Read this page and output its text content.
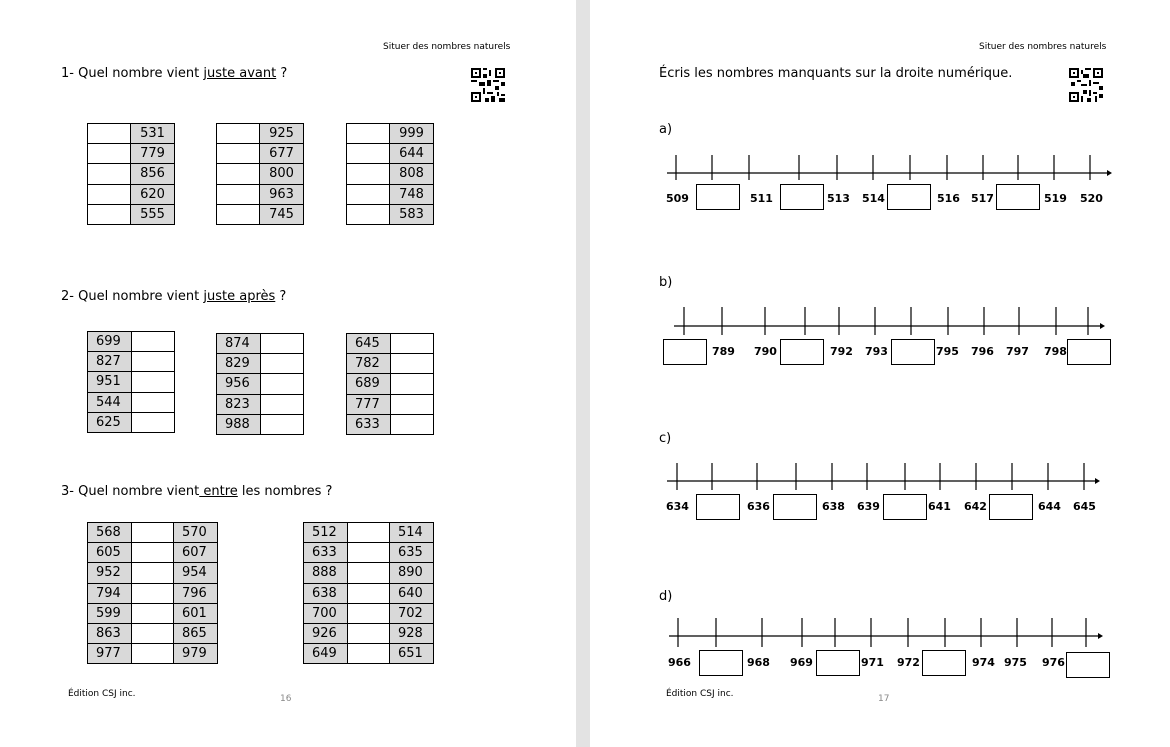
Situer des nombres naturels
1- Quel nombre vient juste avant ?
	531
	779
	856
	620
	555
	925
	677
	800
	963
	745
	999
	644
	808
	748
	583
2- Quel nombre vient juste après ?
699	
827	
951	
544	
625	
874	
829	
956	
823	
988	
645	
782	
689	
777	
633	
3- Quel nombre vient entre les nombres ?
568		570
605		607
952		954
794		796
599		601
863		865
977		979
512		514
633		635
888		890
638		640
700		702
926		928
649		651
Édition CSJ inc.	16
Situer des nombres naturels
Écris les nombres manquants sur la droite numérique.
a)
b)
c)
d)
509	511	513 514	516 517	519 520
789 790	792 793	795 796 797 798
634	636	638 639	641 642	644 645
966	968 969	971 972	974 975 976
Édition CSJ inc.	17
